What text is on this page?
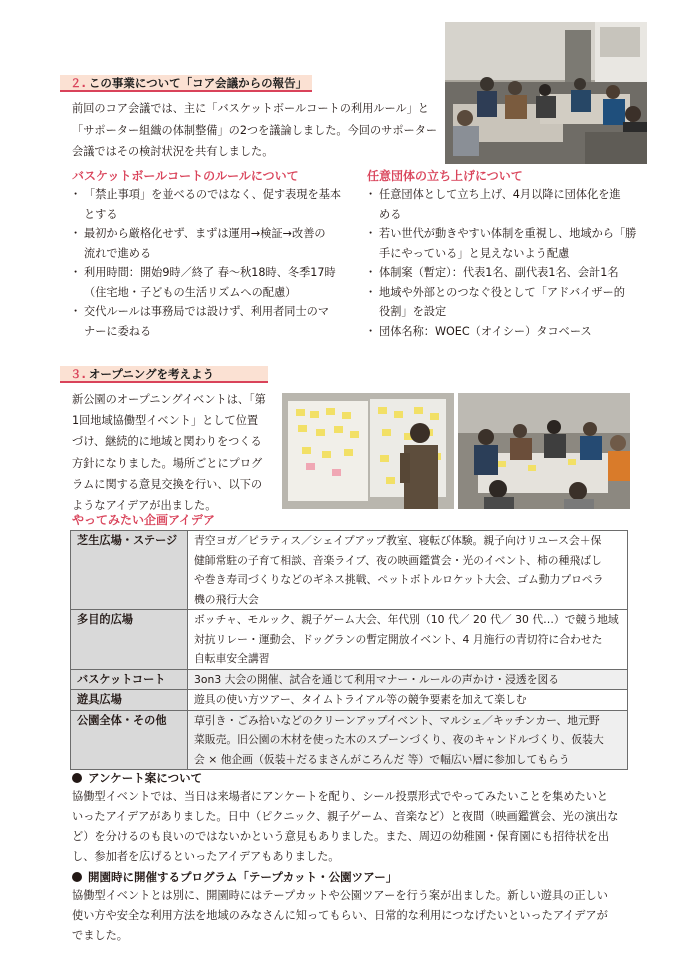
２. この事業について「コア会議からの報告」
前回のコア会議では、主に「バスケットボールコートの利用ルール」と
「サポーター組織の体制整備」の2つを議論しました。今回のサポーター
会議ではその検討状況を共有しました。
バスケットボールコートのルールについて
・ 「禁止事項」を並べるのではなく、促す表現を基本
とする
・ 最初から厳格化せず、まずは運用→検証→改善の
流れで進める
・ 利用時間：開始9時／終了 春〜秋18時、冬季17時
（住宅地・子どもの生活リズムへの配慮）
・ 交代ルールは事務局では設けず、利用者同士のマ
ナーに委ねる
任意団体の立ち上げについて
・ 任意団体として立ち上げ、4月以降に団体化を進
める
・ 若い世代が動きやすい体制を重視し、地域から「勝
手にやっている」と見えないよう配慮
・ 体制案（暫定）：代表1名、副代表1名、会計1名
・ 地域や外部とのつなぐ役として「アドバイザー的
役割」を設定
・ 団体名称：WOEC（オイシー）タコベース
３. オープニングを考えよう
新公園のオープニングイベントは、「第
1回地域協働型イベント」として位置
づけ、継続的に地域と関わりをつくる
方針になりました。場所ごとにプログ
ラムに関する意見交換を行い、以下の
ようなアイデアが出ました。
やってみたい企画アイデア
芝生広場・ステージ	青空ヨガ／ピラティス／シェイプアップ教室、寝転び体験。親子向けリユース会＋保
健師常駐の子育て相談、音楽ライブ、夜の映画鑑賞会・光のイベント、柿の種飛ばし
や巻き寿司づくりなどのギネス挑戦、ペットボトルロケット大会、ゴム動力プロペラ
機の飛行大会

多目的広場	ボッチャ、モルック、親子ゲーム大会、年代別（10 代／ 20 代／ 30 代…）で競う地域
対抗リレー・運動会、ドッグランの暫定開放イベント、4 月施行の青切符に合わせた
自転車安全講習

バスケットコート	3on3 大会の開催、試合を通じて利用マナー・ルールの声かけ・浸透を図る

遊具広場	遊具の使い方ツアー、タイムトライアル等の競争要素を加えて楽しむ

公園全体・その他	草引き・ごみ拾いなどのクリーンアップイベント、マルシェ／キッチンカー、地元野
菜販売。旧公園の木材を使った木のスプーンづくり、夜のキャンドルづくり、仮装大
会 × 他企画（仮装＋だるまさんがころんだ 等）で幅広い層に参加してもらう
アンケート案について
協働型イベントでは、当日は来場者にアンケートを配り、シール投票形式でやってみたいことを集めたいと
いったアイデアがありました。日中（ピクニック、親子ゲーム、音楽など）と夜間（映画鑑賞会、光の演出な
ど）を分けるのも良いのではないかという意見もありました。また、周辺の幼稚園・保育園にも招待状を出
し、参加者を広げるといったアイデアもありました。
開園時に開催するプログラム「テープカット・公園ツアー」
協働型イベントとは別に、開園時にはテープカットや公園ツアーを行う案が出ました。新しい遊具の正しい
使い方や安全な利用方法を地域のみなさんに知ってもらい、日常的な利用につなげたいといったアイデアが
でました。
